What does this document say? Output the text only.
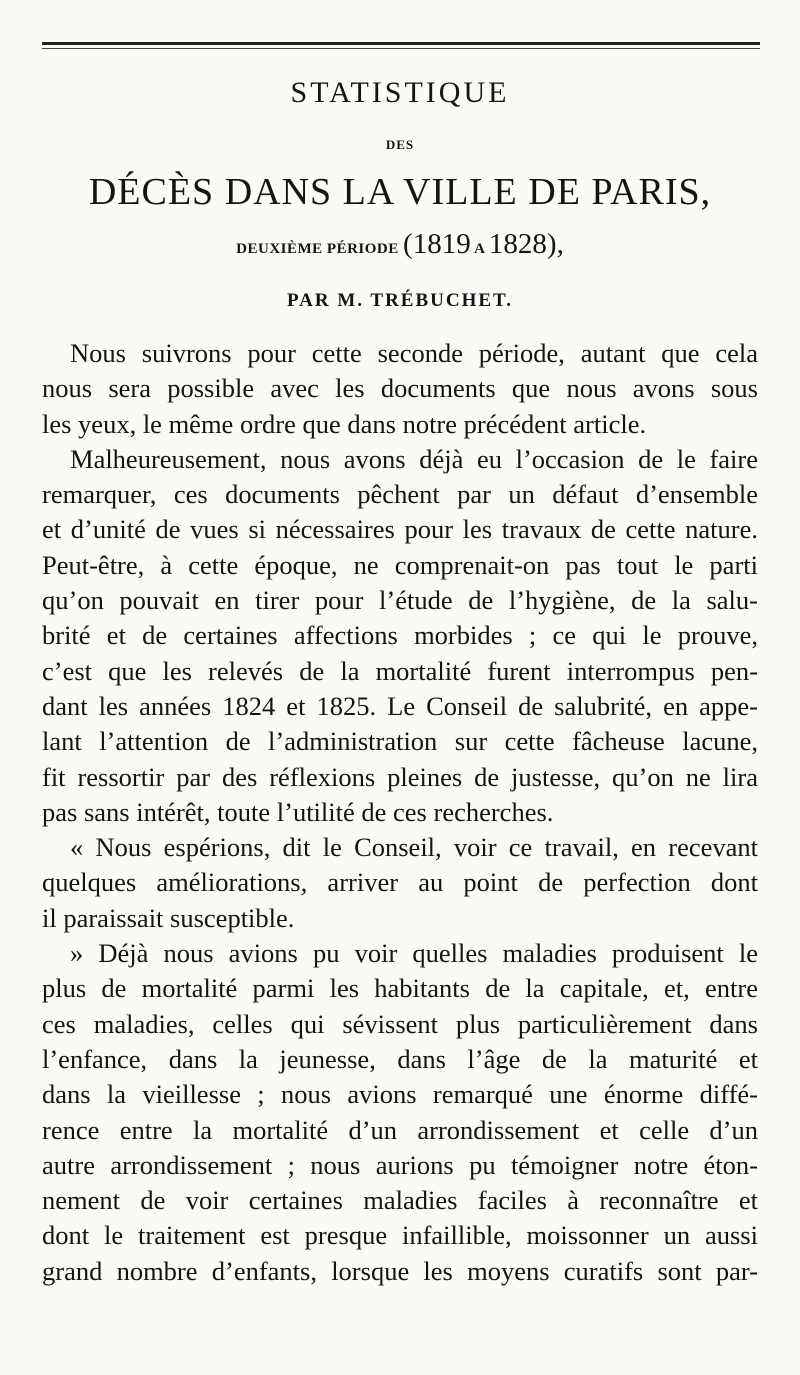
STATISTIQUE
DES
DÉCÈS DANS LA VILLE DE PARIS,
DEUXIÈME PÉRIODE (1819 A 1828),
PAR M. TRÉBUCHET.
Nous suivrons pour cette seconde période, autant que cela
nous sera possible avec les documents que nous avons sous
les yeux, le même ordre que dans notre précédent article.
Malheureusement, nous avons déjà eu l’occasion de le faire
remarquer, ces documents pêchent par un défaut d’ensemble
et d’unité de vues si nécessaires pour les travaux de cette nature.
Peut-être, à cette époque, ne comprenait-on pas tout le parti
qu’on pouvait en tirer pour l’étude de l’hygiène, de la salu-
brité et de certaines affections morbides ; ce qui le prouve,
c’est que les relevés de la mortalité furent interrompus pen-
dant les années 1824 et 1825. Le Conseil de salubrité, en appe-
lant l’attention de l’administration sur cette fâcheuse lacune,
fit ressortir par des réflexions pleines de justesse, qu’on ne lira
pas sans intérêt, toute l’utilité de ces recherches.
« Nous espérions, dit le Conseil, voir ce travail, en recevant
quelques améliorations, arriver au point de perfection dont
il paraissait susceptible.
» Déjà nous avions pu voir quelles maladies produisent le
plus de mortalité parmi les habitants de la capitale, et, entre
ces maladies, celles qui sévissent plus particulièrement dans
l’enfance, dans la jeunesse, dans l’âge de la maturité et
dans la vieillesse ; nous avions remarqué une énorme diffé-
rence entre la mortalité d’un arrondissement et celle d’un
autre arrondissement ; nous aurions pu témoigner notre éton-
nement de voir certaines maladies faciles à reconnaître et
dont le traitement est presque infaillible, moissonner un aussi
grand nombre d’enfants, lorsque les moyens curatifs sont par-
